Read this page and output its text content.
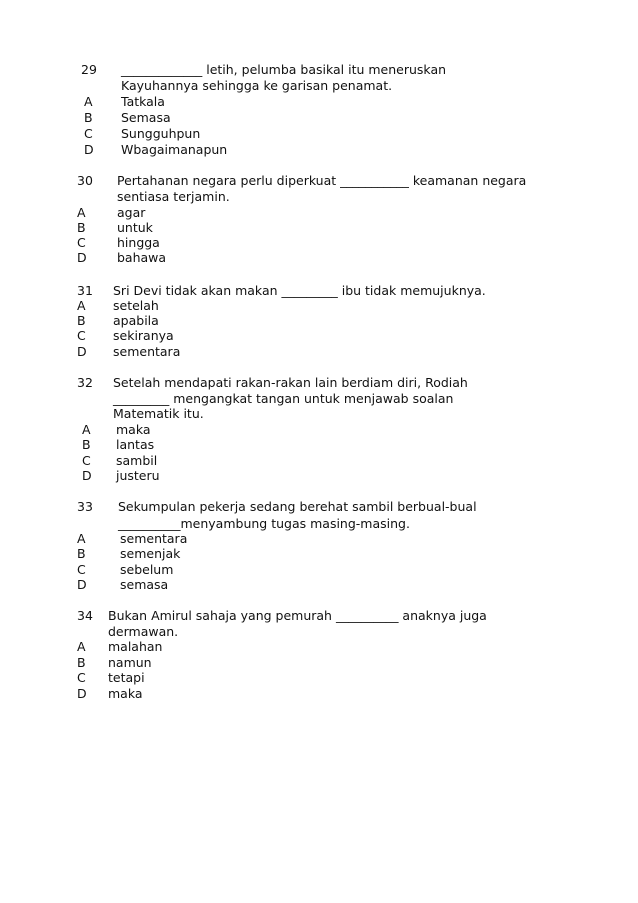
29 _____________ letih, pelumba basikal itu meneruskan
Kayuhannya sehingga ke garisan penamat.
A Tatkala
B Semasa
C Sungguhpun
D Wbagaimanapun
30 Pertahanan negara perlu diperkuat ___________ keamanan negara
sentiasa terjamin.
A	agar
B	untuk
C	hingga
D bahawa
31 Sri Devi tidak akan makan _________ ibu tidak memujuknya.
A setelah
B apabila
C sekiranya
D sementara
32 Setelah mendapati rakan-rakan lain berdiam diri, Rodiah
_________ mengangkat tangan untuk menjawab soalan
Matematik itu.
A maka
B lantas
C sambil
D justeru
33 Sekumpulan pekerja sedang berehat sambil berbual-bual
__________menyambung tugas masing-masing.
A	sementara
B	semenjak
C	sebelum
D	semasa
34 Bukan Amirul sahaja yang pemurah __________ anaknya juga
dermawan.
A malahan
B namun
C tetapi
D maka
